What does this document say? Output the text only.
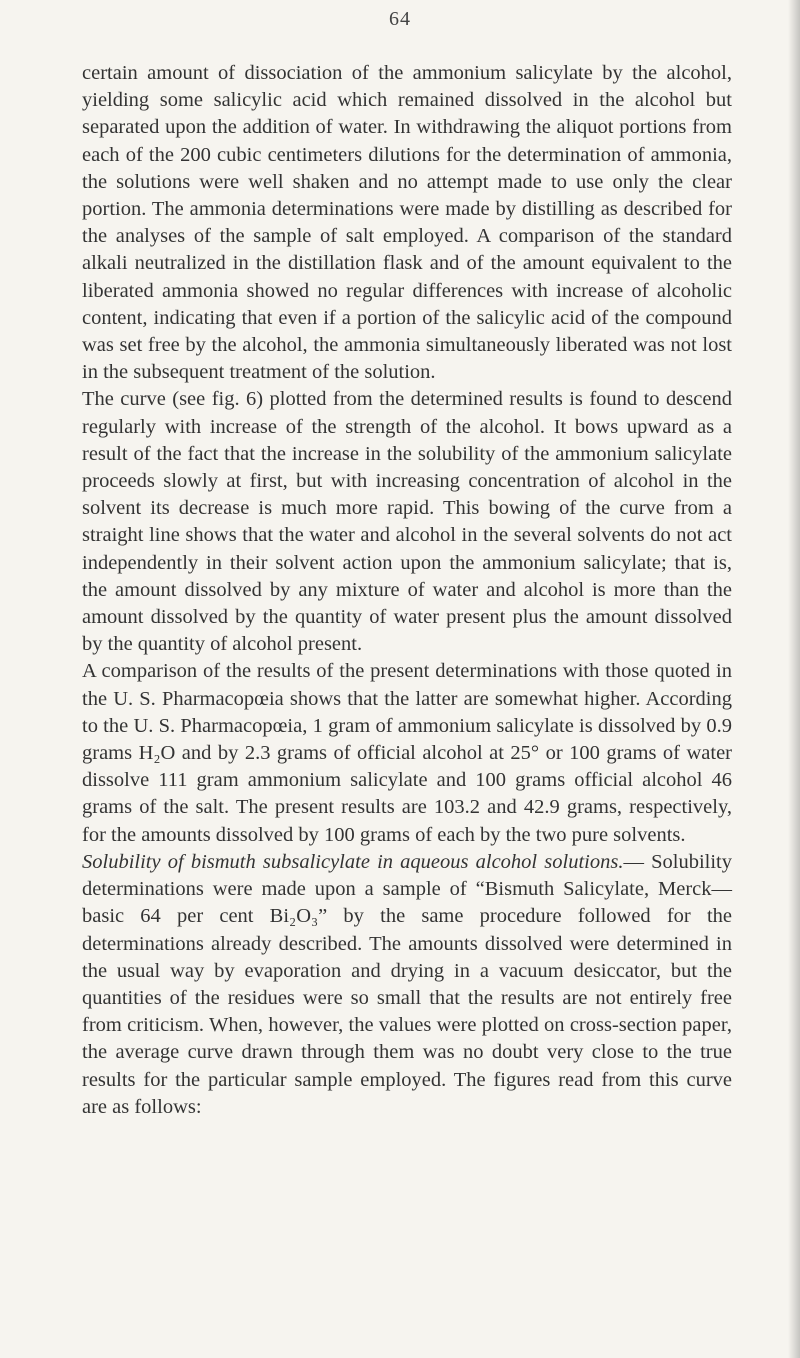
64

certain amount of dissociation of the ammonium salicylate by the alcohol, yielding some salicylic acid which remained dissolved in the alcohol but separated upon the addition of water. In withdrawing the aliquot portions from each of the 200 cubic centimeters dilutions for the determination of ammonia, the solutions were well shaken and no attempt made to use only the clear portion. The ammonia determinations were made by distilling as described for the analyses of the sample of salt employed. A comparison of the standard alkali neutralized in the distillation flask and of the amount equivalent to the liberated ammonia showed no regular differences with increase of alcoholic content, indicating that even if a portion of the salicylic acid of the compound was set free by the alcohol, the ammonia simultaneously liberated was not lost in the subsequent treatment of the solution.

The curve (see fig. 6) plotted from the determined results is found to descend regularly with increase of the strength of the alcohol. It bows upward as a result of the fact that the increase in the solubility of the ammonium salicylate proceeds slowly at first, but with increasing concentration of alcohol in the solvent its decrease is much more rapid. This bowing of the curve from a straight line shows that the water and alcohol in the several solvents do not act independently in their solvent action upon the ammonium salicylate; that is, the amount dissolved by any mixture of water and alcohol is more than the amount dissolved by the quantity of water present plus the amount dissolved by the quantity of alcohol present.

A comparison of the results of the present determinations with those quoted in the U. S. Pharmacopœia shows that the latter are somewhat higher. According to the U. S. Pharmacopœia, 1 gram of ammonium salicylate is dissolved by 0.9 grams H₂O and by 2.3 grams of official alcohol at 25° or 100 grams of water dissolve 111 gram ammonium salicylate and 100 grams official alcohol 46 grams of the salt. The present results are 103.2 and 42.9 grams, respectively, for the amounts dissolved by 100 grams of each by the two pure solvents.

Solubility of bismuth subsalicylate in aqueous alcohol solutions.— Solubility determinations were made upon a sample of “Bismuth Salicylate, Merck—basic 64 per cent Bi₂O₃” by the same procedure followed for the determinations already described. The amounts dissolved were determined in the usual way by evaporation and drying in a vacuum desiccator, but the quantities of the residues were so small that the results are not entirely free from criticism. When, however, the values were plotted on cross-section paper, the average curve drawn through them was no doubt very close to the true results for the particular sample employed. The figures read from this curve are as follows:
